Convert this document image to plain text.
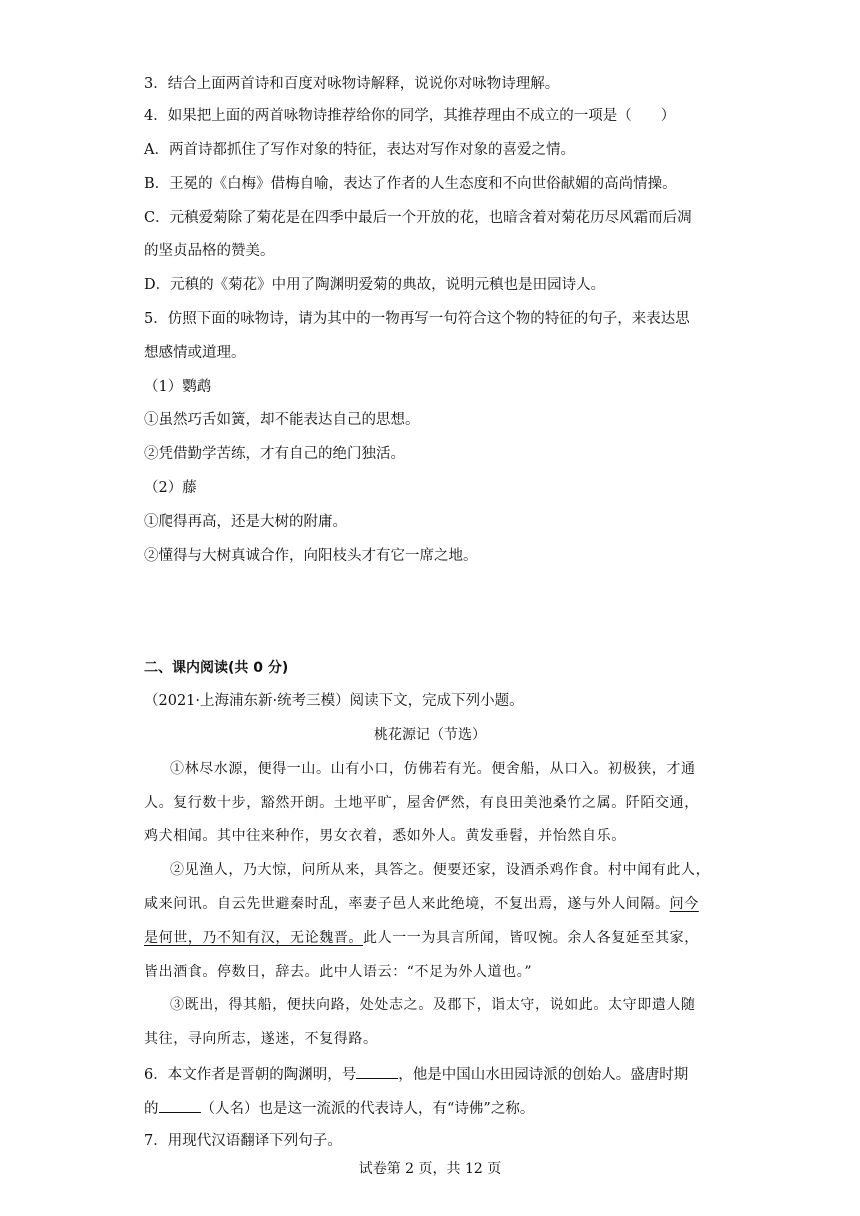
3．结合上面两首诗和百度对咏物诗解释，说说你对咏物诗理解。
4．如果把上面的两首咏物诗推荐给你的同学，其推荐理由不成立的一项是（　　）
A．两首诗都抓住了写作对象的特征，表达对写作对象的喜爱之情。
B．王冕的《白梅》借梅自喻，表达了作者的人生态度和不向世俗献媚的高尚情操。
C．元稹爱菊除了菊花是在四季中最后一个开放的花，也暗含着对菊花历尽风霜而后凋
的坚贞品格的赞美。
D．元稹的《菊花》中用了陶渊明爱菊的典故，说明元稹也是田园诗人。
5．仿照下面的咏物诗，请为其中的一物再写一句符合这个物的特征的句子，来表达思
想感情或道理。
（1）鹦鹉
①虽然巧舌如簧，却不能表达自己的思想。
②凭借勤学苦练，才有自己的绝门独活。
（2）藤
①爬得再高，还是大树的附庸。
②懂得与大树真诚合作，向阳枝头才有它一席之地。
二、课内阅读(共 0 分)
（2021·上海浦东新·统考三模）阅读下文，完成下列小题。
桃花源记（节选）
①林尽水源，便得一山。山有小口，仿佛若有光。便舍船，从口入。初极狭，才通
人。复行数十步，豁然开朗。土地平旷，屋舍俨然，有良田美池桑竹之属。阡陌交通，
鸡犬相闻。其中往来种作，男女衣着，悉如外人。黄发垂髫，并怡然自乐。
②见渔人，乃大惊，问所从来，具答之。便要还家，设酒杀鸡作食。村中闻有此人，
咸来问讯。自云先世避秦时乱，率妻子邑人来此绝境，不复出焉，遂与外人间隔。问今
是何世，乃不知有汉，无论魏晋。此人一一为具言所闻，皆叹惋。余人各复延至其家，
皆出酒食。停数日，辞去。此中人语云：“不足为外人道也。”
③既出，得其船，便扶向路，处处志之。及郡下，诣太守，说如此。太守即遣人随
其往，寻向所志，遂迷，不复得路。
6．本文作者是晋朝的陶渊明，号	，他是中国山水田园诗派的创始人。盛唐时期
的	（人名）也是这一流派的代表诗人，有“诗佛”之称。
7．用现代汉语翻译下列句子。
试卷第 2 页，共 12 页
